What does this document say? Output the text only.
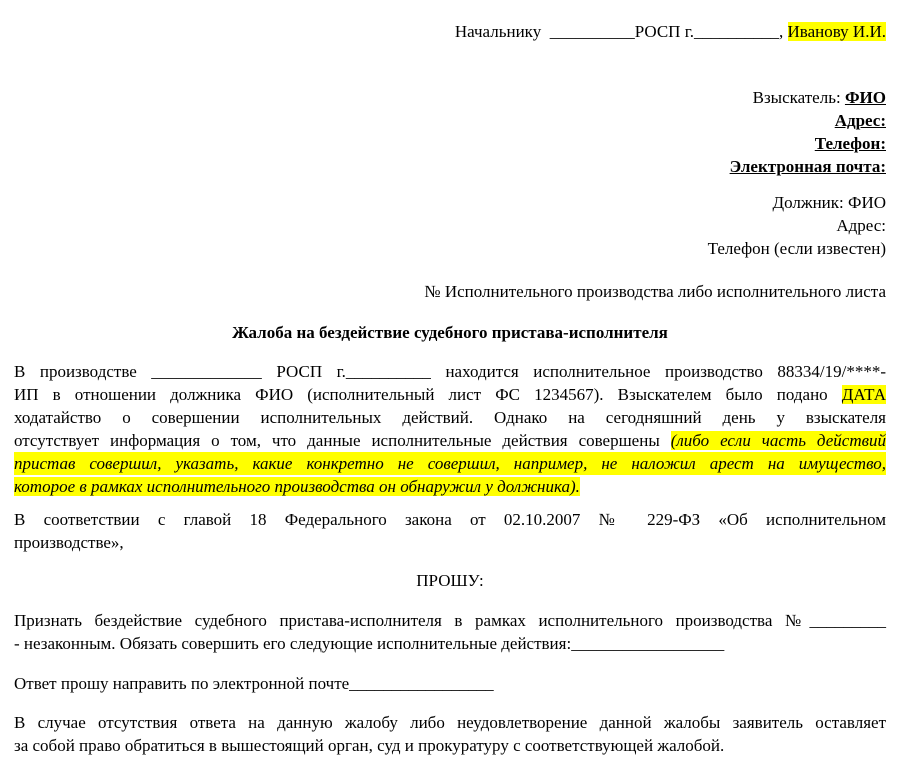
Начальнику  __________РОСП г.__________, Иванову И.И.
Взыскатель: ФИО
Адрес:
Телефон:
Электронная почта:
Должник: ФИО
Адрес:
Телефон (если известен)
№ Исполнительного производства либо исполнительного листа
Жалоба на бездействие судебного пристава-исполнителя
В производстве _____________ РОСП г.__________ находится исполнительное производство 88334/19/****-
ИП в отношении должника ФИО (исполнительный лист ФС 1234567). Взыскателем было подано ДАТА
ходатайство о совершении исполнительных действий. Однако на сегодняшний день у взыскателя
отсутствует информация о том, что данные исполнительные действия совершены (либо если часть действий
пристав совершил, указать, какие конкретно не совершил, например, не наложил арест на имущество,
которое в рамках исполнительного производства он обнаружил у должника).
В соответствии с главой 18 Федерального закона от 02.10.2007 № 229-ФЗ «Об исполнительном
производстве»,
ПРОШУ:
Признать бездействие судебного пристава-исполнителя в рамках исполнительного производства №_________
- незаконным. Обязать совершить его следующие исполнительные действия:__________________
Ответ прошу направить по электронной почте_________________
В случае отсутствия ответа на данную жалобу либо неудовлетворение данной жалобы заявитель оставляет
за собой право обратиться в вышестоящий орган, суд и прокуратуру с соответствующей жалобой.
